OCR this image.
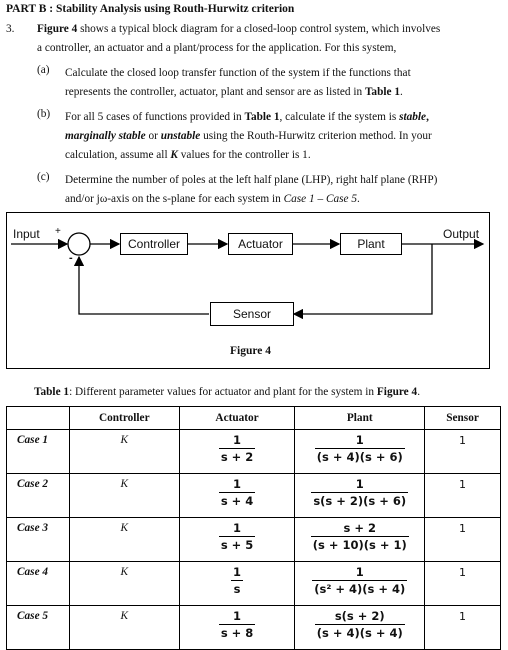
PART B : Stability Analysis using Routh-Hurwitz criterion
3. Figure 4 shows a typical block diagram for a closed-loop control system, which involves
a controller, an actuator and a plant/process for the application. For this system,
(a) Calculate the closed loop transfer function of the system if the functions that
represents the controller, actuator, plant and sensor are as listed in Table 1.
(b) For all 5 cases of functions provided in Table 1, calculate if the system is stable,
marginally stable or unstable using the Routh-Hurwitz criterion method. In your
calculation, assume all K values for the controller is 1.
(c) Determine the number of poles at the left half plane (LHP), right half plane (RHP)
and/or jω-axis on the s-plane for each system in Case 1 – Case 5.
Input +
-
Output
Controller	Actuator	Plant
Sensor
Figure 4
Table 1: Different parameter values for actuator and plant for the system in Figure 4.
	Controller	Actuator	Plant	Sensor
Case 1	K	$\frac{1}{s + 2}$	$\frac{1}{(s + 4)(s + 6)}$	1
Case 2	K	$\frac{1}{s + 4}$	$\frac{1}{s(s + 2)(s + 6)}$	1
Case 3	K	$\frac{1}{s + 5}$	$\frac{s + 2}{(s + 10)(s + 1)}$	1
Case 4	K	$\frac{1}{s}$	$\frac{1}{\text{(s² + 4)(s + 4)}}$	1
Case 5	K	$\frac{1}{s + 8}$	$\frac{s(s + 2)}{(s + 4)(s + 4)}$	1
